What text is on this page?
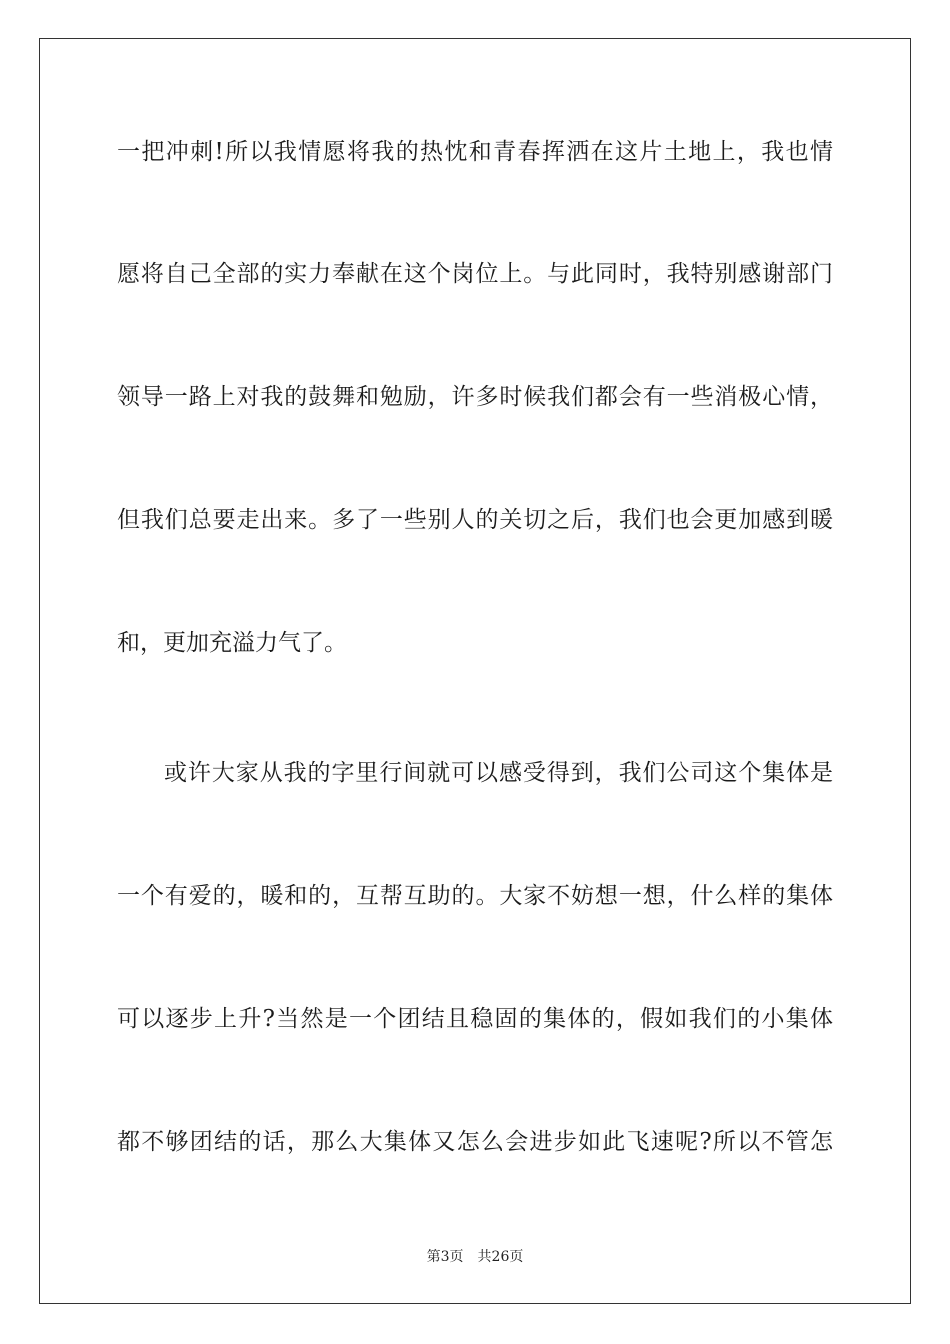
一把冲刺!所以我情愿将我的热忱和青春挥洒在这片土地上，我也情
愿将自己全部的实力奉献在这个岗位上。与此同时，我特别感谢部门
领导一路上对我的鼓舞和勉励，许多时候我们都会有一些消极心情，
但我们总要走出来。多了一些别人的关切之后，我们也会更加感到暖
和，更加充溢力气了。
或许大家从我的字里行间就可以感受得到，我们公司这个集体是
一个有爱的，暖和的，互帮互助的。大家不妨想一想，什么样的集体
可以逐步上升?当然是一个团结且稳固的集体的，假如我们的小集体
都不够团结的话，那么大集体又怎么会进步如此飞速呢?所以不管怎
第3页 共26页
